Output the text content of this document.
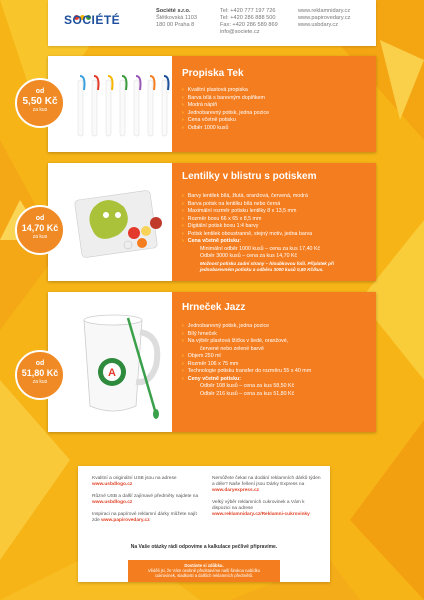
SOCIÉTÉ
Société s.r.o.
Štětkovská 1103
180 00 Praha 8
Tel: +420 777 197 726
Tel: +420 286 888 500
Fax: +420 286 589 869
info@societe.cz
www.reklamnidary.cz
www.papirovedary.cz
www.usbdary.cz
Propiska Tek
› Kvalitní plastová propiska
› Barva bílá s barevným doplňkem
› Modrá náplň
› Jednobarevný potisk, jedna pozice
› Cena včetně potisku
› Odběr 1000 kusů
od
5,50 Kč
za kus
Lentilky v blistru s potiskem
› Barvy lentilek bílá, žlutá, oranžová, červená, modrá
› Barva potisk na lentilku bílá nebo černá
› Maximální rozměr potisku lentilky 8 x 13,5 mm
› Rozměr boxu 66 x 65 x 8,5 mm
› Digitální potisk boxu 1:4 barvy
› Potisk lentilek oboustranně, stejný motiv, jedna barva
› Cena včetně potisku:
Minimální odběr 1000 kusů – cena za kus 17,40 Kč
Odběr 3000 kusů – cena za kus 14,70 Kč
Možnost potisku zadní strany – hloubkovou folií. Příplatek při jednobarevném potisku a odběru 3000 kusů 0,80 Kč/kus.
od
14,70 Kč
za kus
A
Hrneček Jazz
› Jednobarevný potisk, jedna pozice
› Bílý hrneček
› Na výběr plastová lžička v šedé, oranžové,
červené nebo zelené barvě
› Objem 250 ml
› Rozměr 106 x 75 mm
› Technologie potisku transfer do rozměru 55 x 40 mm
› Ceny včetně potisku:
Odběr 108 kusů – cena za kus 58,50 Kč
Odběr 216 kusů – cena za kus 51,80 Kč
od
51,80 Kč
za kus

Kvalitní a originální USB jsou na adrese www.usbdlogo.cz

Různé USB a další zajímavé předměty najdete na www.usbdlogo.cz

Inspiraci na papírové reklamní dárky můžete najít zde www.papirovedary.cz

Nemůžete čekat na dodání reklamních dárků týden a déle? Naše řešení jsou Dárky Express na www.daryexpress.cz

Velký výběr reklamních cukrovinek a Vám k dispozici na adrese www.reklamnidary.cz/Reklamni-cukrovinky

Na Vaše otázky rádi odpovíme a kalkulace pečlivě připravíme.
Dostávte si zdůbku.
Věděli jsi, že Vám osobně představíme naší širokou nabídku
cukrovinek, sladkosti a dalších reklamních předmětů.
